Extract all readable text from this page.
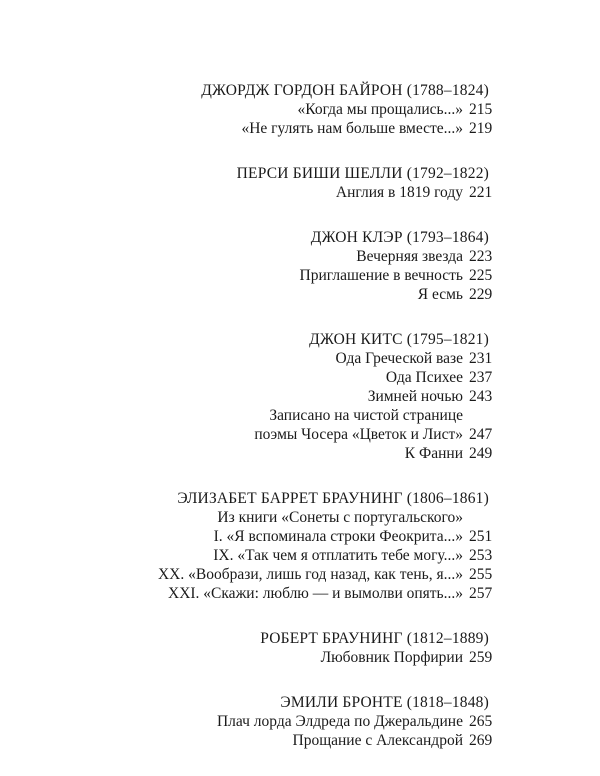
ДЖОРДЖ ГОРДОН БАЙРОН (1788–1824)
«Когда мы прощались...» 215
«Не гулять нам больше вместе...» 219
ПЕРСИ БИШИ ШЕЛЛИ (1792–1822)
Англия в 1819 году 221
ДЖОН КЛЭР (1793–1864)
Вечерняя звезда 223
Приглашение в вечность 225
Я есмь 229
ДЖОН КИТС (1795–1821)
Ода Греческой вазе 231
Ода Психее 237
Зимней ночью 243
Записано на чистой странице
поэмы Чосера «Цветок и Лист» 247
К Фанни 249
ЭЛИЗАБЕТ БАРРЕТ БРАУНИНГ (1806–1861)
Из книги «Сонеты с португальского»
I. «Я вспоминала строки Феокрита...» 251
IX. «Так чем я отплатить тебе могу...» 253
XX. «Вообрази, лишь год назад, как тень, я...» 255
XXI. «Скажи: люблю — и вымолви опять...» 257
РОБЕРТ БРАУНИНГ (1812–1889)
Любовник Порфирии 259
ЭМИЛИ БРОНТЕ (1818–1848)
Плач лорда Элдреда по Джеральдине 265
Прощание с Александрой 269
